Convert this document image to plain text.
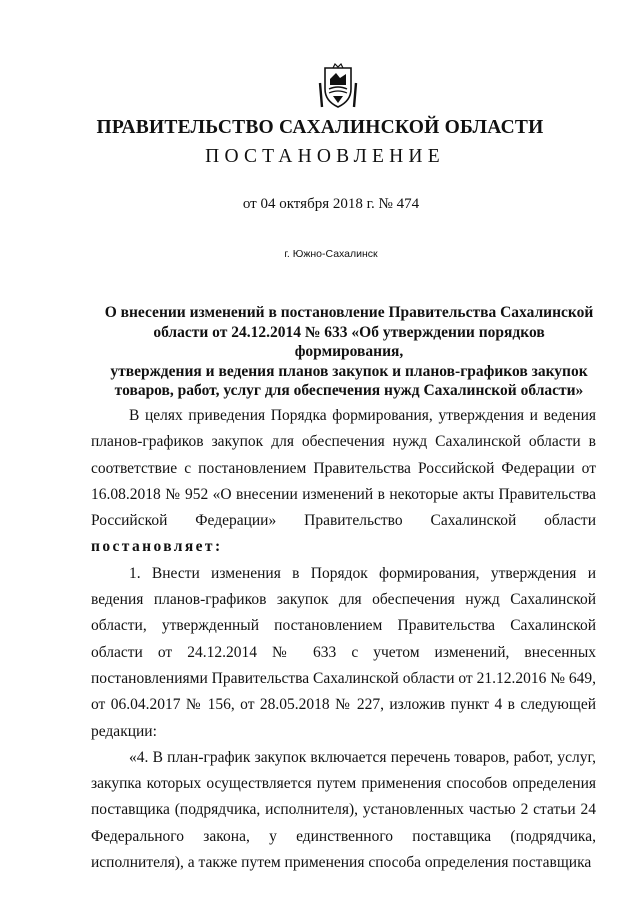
ПРАВИТЕЛЬСТВО САХАЛИНСКОЙ ОБЛАСТИ
ПОСТАНОВЛЕНИЕ
от 04 октября 2018 г. № 474
г. Южно-Сахалинск
О внесении изменений в постановление Правительства Сахалинской
области от 24.12.2014 № 633 «Об утверждении порядков формирования,
утверждения и ведения планов закупок и планов-графиков закупок
товаров, работ, услуг для обеспечения нужд Сахалинской области»

В целях приведения Порядка формирования, утверждения и ведения планов-графиков закупок для обеспечения нужд Сахалинской области в соответствие с постановлением Правительства Российской Федерации от 16.08.2018 № 952 «О внесении изменений в некоторые акты Правительства Российской Федерации» Правительство Сахалинской области

постановляет:

1. Внести изменения в Порядок формирования, утверждения и ведения планов-графиков закупок для обеспечения нужд Сахалинской области, утвержденный постановлением Правительства Сахалинской области от 24.12.2014 № 633 с учетом изменений, внесенных постановлениями Правительства Сахалинской области от 21.12.2016 № 649, от 06.04.2017 № 156, от 28.05.2018 № 227, изложив пункт 4 в следующей редакции:

«4. В план-график закупок включается перечень товаров, работ, услуг, закупка которых осуществляется путем применения способов определения поставщика (подрядчика, исполнителя), установленных частью 2 статьи 24 Федерального закона, у единственного поставщика (подрядчика, исполнителя), а также путем применения способа определения поставщика
